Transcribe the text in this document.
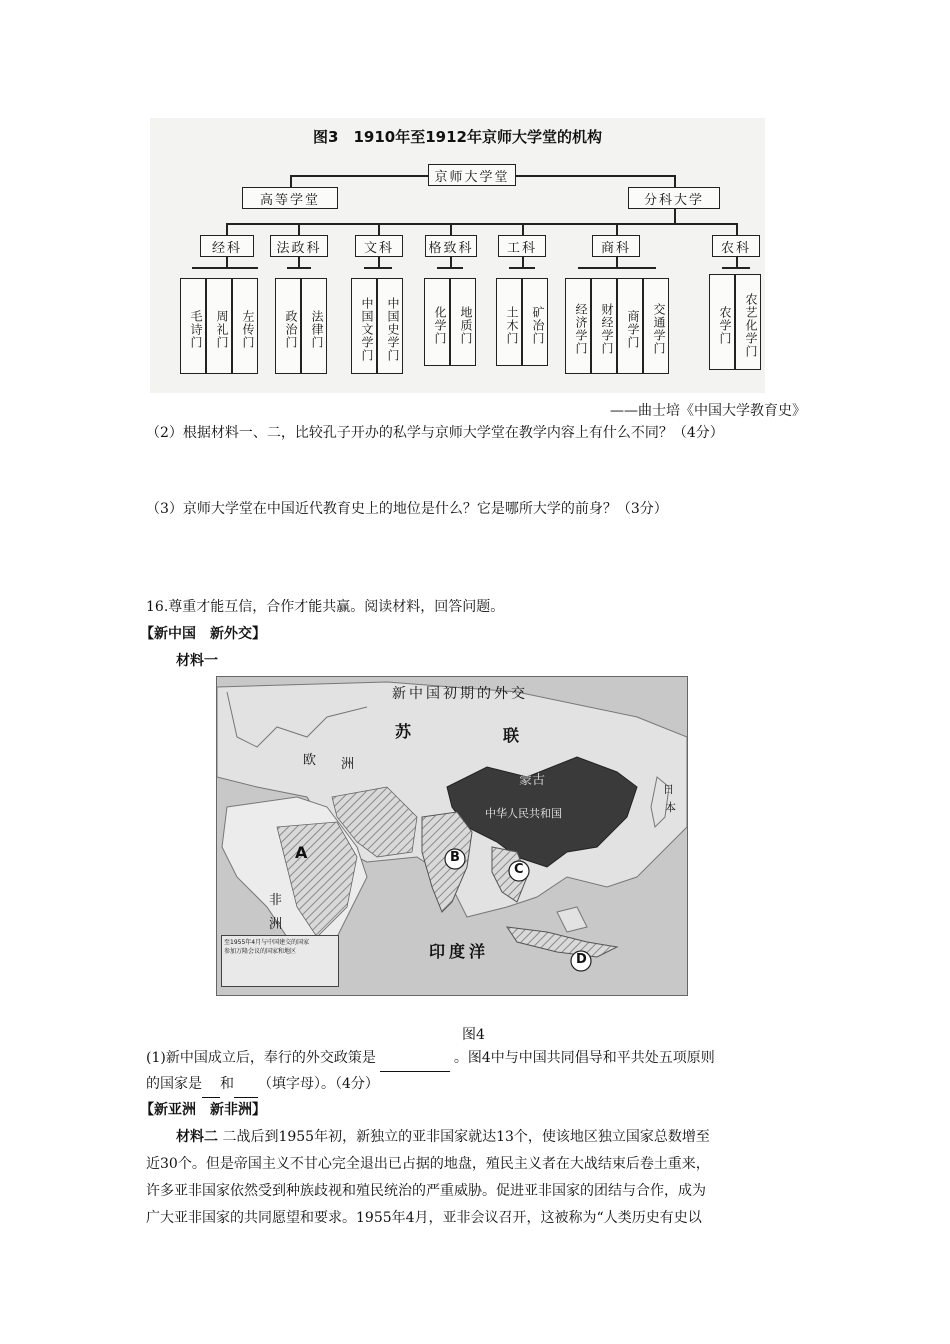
图3　1910年至1912年京师大学堂的机构
京师大学堂
高等学堂	分科大学
经科	法政科	文科	格致科	工科	商科	农科
毛诗门	周礼门	左传门	政治门	法律门	中国文学门	中国史学门	化学门	地质门	土木门	矿冶门	经济学门	财经学门	商学门	交通学门	农学门	农艺化学门
——曲士培《中国大学教育史》
（2）根据材料一、二，比较孔子开办的私学与京师大学堂在教学内容上有什么不同？（4分）
（3）京师大学堂在中国近代教育史上的地位是什么？它是哪所大学的前身？（3分）
16.尊重才能互信，合作才能共赢。阅读材料，回答问题。
【新中国　新外交】
材料一
新中国初期的外交
苏	联
欧 洲
蒙古
中华人民共和国
日
本
A	B
C
D
非
洲
印度洋
至1955年4月与中国建交的国家
参加万隆会议的国家和地区
图4
(1)新中国成立后，奉行的外交政策是	。图4中与中国共同倡导和平共处五项原则
的国家是 和 （填字母）。（4分）
【新亚洲　新非洲】
材料二 二战后到1955年初，新独立的亚非国家就达13个，使该地区独立国家总数增至
近30个。但是帝国主义不甘心完全退出已占据的地盘，殖民主义者在大战结束后卷土重来，
许多亚非国家依然受到种族歧视和殖民统治的严重威胁。促进亚非国家的团结与合作，成为
广大亚非国家的共同愿望和要求。1955年4月，亚非会议召开，这被称为“人类历史有史以
